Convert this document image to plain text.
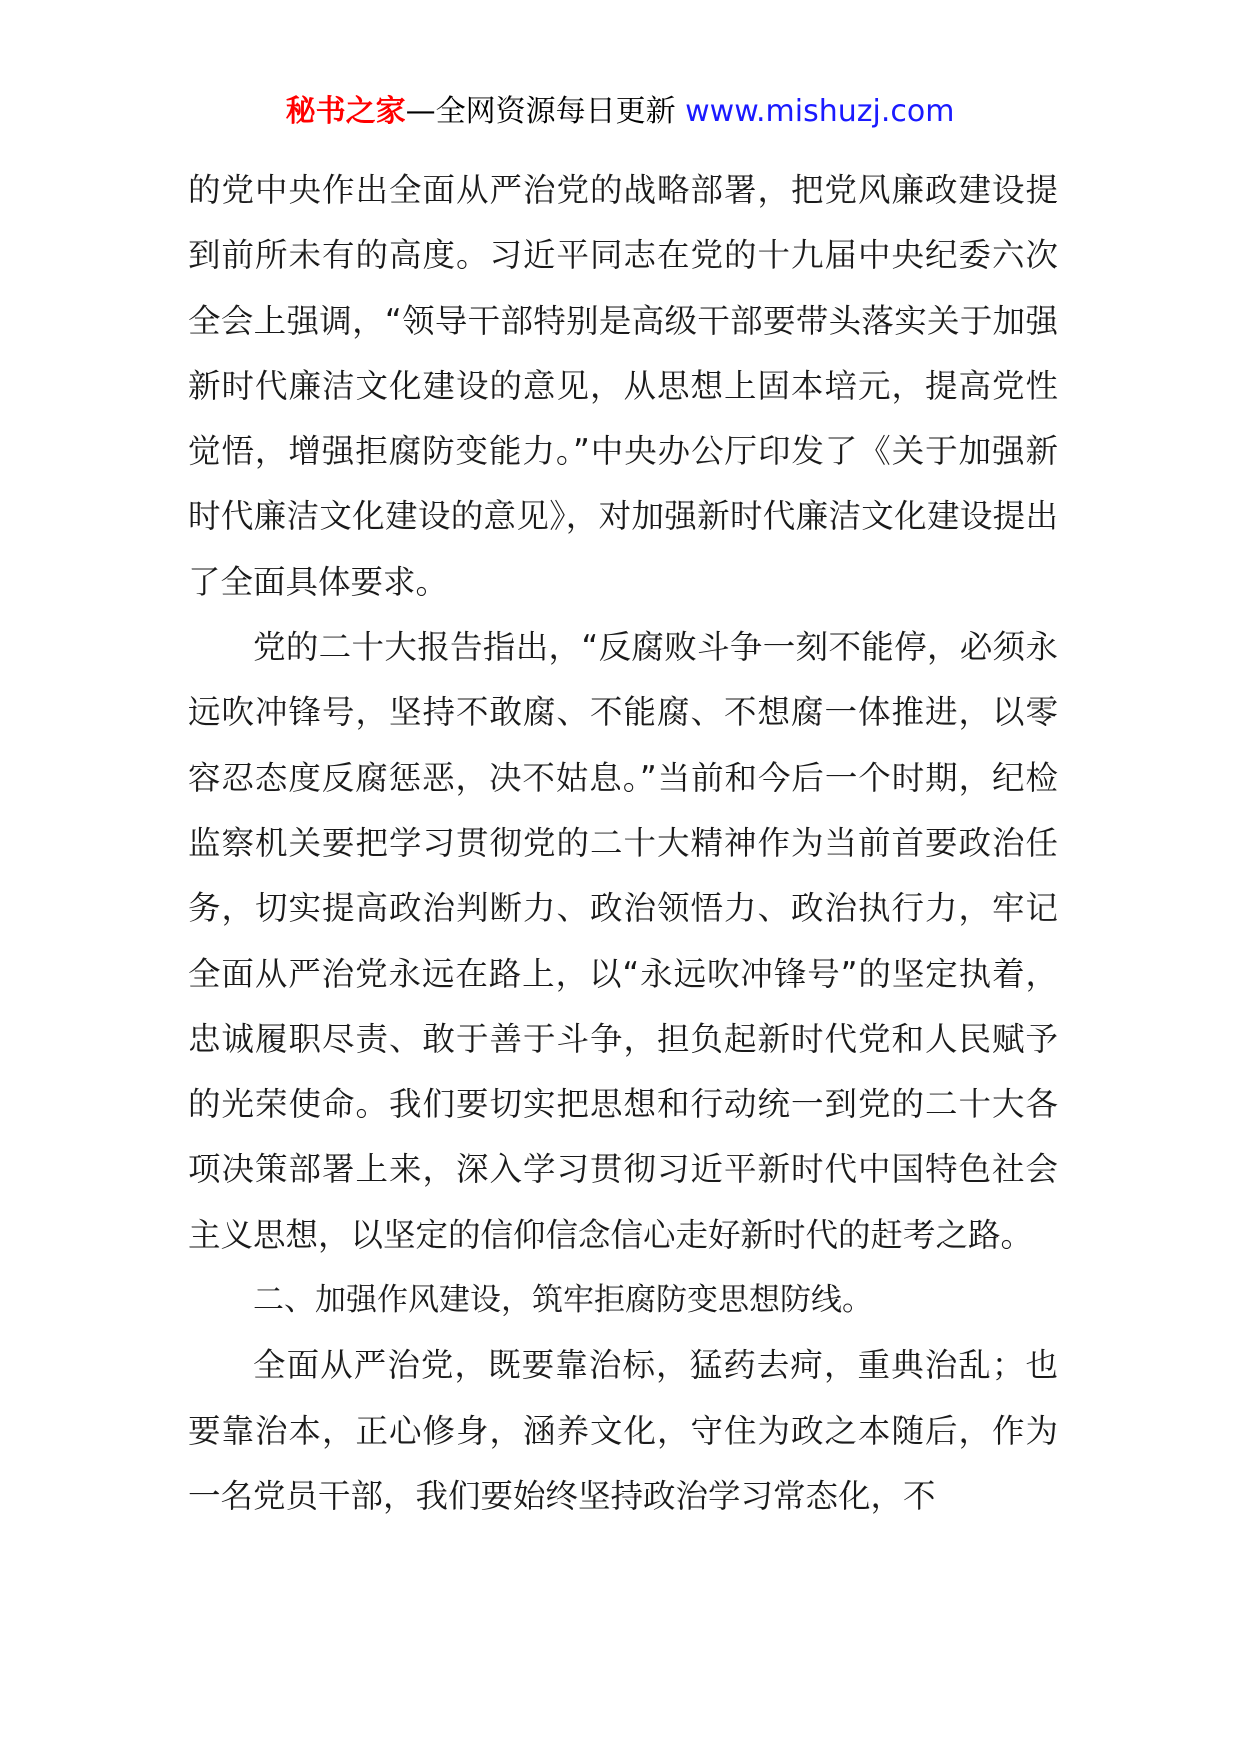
秘书之家—全网资源每日更新 www.mishuzj.com

的党中央作出全面从严治党的战略部署，把党风廉政建设提到前所未有的高度。习近平同志在党的十九届中央纪委六次全会上强调，“领导干部特别是高级干部要带头落实关于加强新时代廉洁文化建设的意见，从思想上固本培元，提高党性觉悟，增强拒腐防变能力。”中央办公厅印发了《关于加强新时代廉洁文化建设的意见》，对加强新时代廉洁文化建设提出了全面具体要求。

党的二十大报告指出，“反腐败斗争一刻不能停，必须永远吹冲锋号，坚持不敢腐、不能腐、不想腐一体推进，以零容忍态度反腐惩恶，决不姑息。”当前和今后一个时期，纪检监察机关要把学习贯彻党的二十大精神作为当前首要政治任务，切实提高政治判断力、政治领悟力、政治执行力，牢记全面从严治党永远在路上，以“永远吹冲锋号”的坚定执着，忠诚履职尽责、敢于善于斗争，担负起新时代党和人民赋予的光荣使命。我们要切实把思想和行动统一到党的二十大各项决策部署上来，深入学习贯彻习近平新时代中国特色社会主义思想，以坚定的信仰信念信心走好新时代的赶考之路。

二、加强作风建设，筑牢拒腐防变思想防线。

全面从严治党，既要靠治标，猛药去疴，重典治乱；也要靠治本，正心修身，涵养文化，守住为政之本随后，作为一名党员干部，我们要始终坚持政治学习常态化，不
